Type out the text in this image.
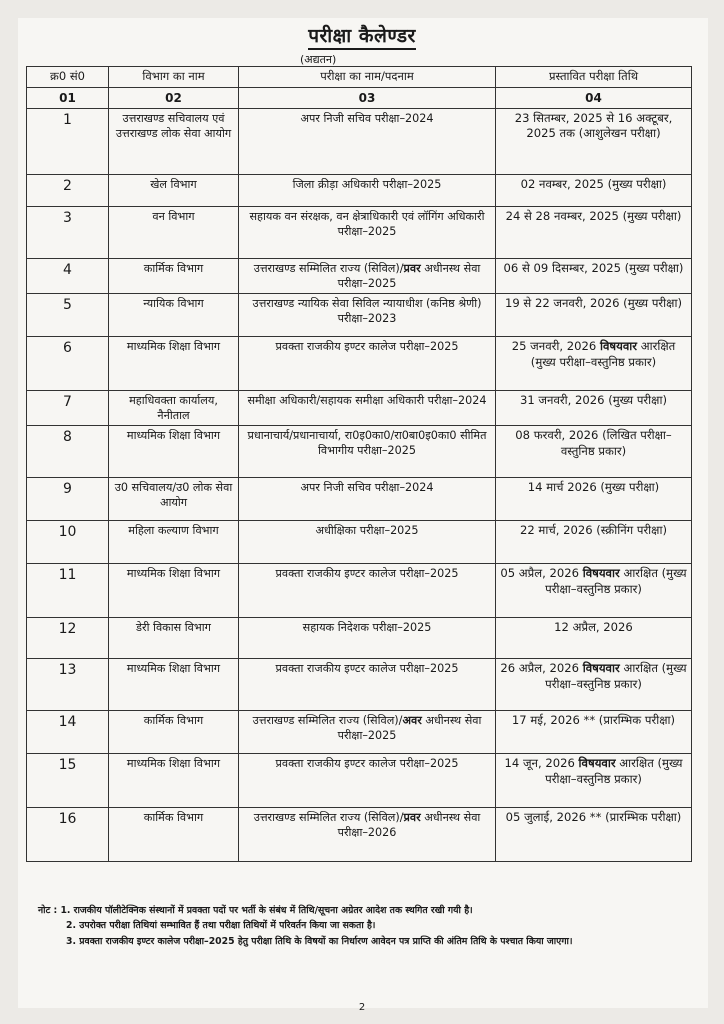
परीक्षा कैलेण्डर
(अद्यतन)
क्र0 सं0	विभाग का नाम	परीक्षा का नाम/पदनाम	प्रस्तावित परीक्षा तिथि
01	02	03	04
1	उत्तराखण्ड सचिवालय एवं उत्तराखण्ड लोक सेवा आयोग	अपर निजी सचिव परीक्षा–2024	23 सितम्बर, 2025 से 16 अक्टूबर, 2025 तक (आशुलेखन परीक्षा)
2	खेल विभाग	जिला क्रीड़ा अधिकारी परीक्षा–2025	02 नवम्बर, 2025 (मुख्य परीक्षा)
3	वन विभाग	सहायक वन संरक्षक, वन क्षेत्राधिकारी एवं लॉगिंग अधिकारी परीक्षा–2025	24 से 28 नवम्बर, 2025 (मुख्य परीक्षा)
4	कार्मिक विभाग	उत्तराखण्ड सम्मिलित राज्य (सिविल)/प्रवर अधीनस्थ सेवा परीक्षा–2025	06 से 09 दिसम्बर, 2025 (मुख्य परीक्षा)
5	न्यायिक विभाग	उत्तराखण्ड न्यायिक सेवा सिविल न्यायाधीश (कनिष्ठ श्रेणी) परीक्षा–2023	19 से 22 जनवरी, 2026 (मुख्य परीक्षा)
6	माध्यमिक शिक्षा विभाग	प्रवक्ता राजकीय इण्टर कालेज परीक्षा–2025	25 जनवरी, 2026 विषयवार आरक्षित (मुख्य परीक्षा–वस्तुनिष्ठ प्रकार)
7	महाधिवक्ता कार्यालय, नैनीताल	समीक्षा अधिकारी/सहायक समीक्षा अधिकारी परीक्षा–2024	31 जनवरी, 2026 (मुख्य परीक्षा)
8	माध्यमिक शिक्षा विभाग	प्रधानाचार्य/प्रधानाचार्या, रा0इ0का0/रा0बा0इ0का0 सीमित विभागीय परीक्षा–2025	08 फरवरी, 2026 (लिखित परीक्षा–वस्तुनिष्ठ प्रकार)
9	उ0 सचिवालय/उ0 लोक सेवा आयोग	अपर निजी सचिव परीक्षा–2024	14 मार्च 2026 (मुख्य परीक्षा)
10	महिला कल्याण विभाग	अधीक्षिका परीक्षा–2025	22 मार्च, 2026 (स्क्रीनिंग परीक्षा)
11	माध्यमिक शिक्षा विभाग	प्रवक्ता राजकीय इण्टर कालेज परीक्षा–2025	05 अप्रैल, 2026 विषयवार आरक्षित (मुख्य परीक्षा–वस्तुनिष्ठ प्रकार)
12	डेरी विकास विभाग	सहायक निदेशक परीक्षा–2025	12 अप्रैल, 2026
13	माध्यमिक शिक्षा विभाग	प्रवक्ता राजकीय इण्टर कालेज परीक्षा–2025	26 अप्रैल, 2026 विषयवार आरक्षित (मुख्य परीक्षा–वस्तुनिष्ठ प्रकार)
14	कार्मिक विभाग	उत्तराखण्ड सम्मिलित राज्य (सिविल)/अवर अधीनस्थ सेवा परीक्षा–2025	17 मई, 2026 ** (प्रारम्भिक परीक्षा)
15	माध्यमिक शिक्षा विभाग	प्रवक्ता राजकीय इण्टर कालेज परीक्षा–2025	14 जून, 2026 विषयवार आरक्षित (मुख्य परीक्षा–वस्तुनिष्ठ प्रकार)
16	कार्मिक विभाग	उत्तराखण्ड सम्मिलित राज्य (सिविल)/प्रवर अधीनस्थ सेवा परीक्षा–2026	05 जुलाई, 2026 ** (प्रारम्भिक परीक्षा)
नोट : 1. राजकीय पॉलीटेक्निक संस्थानों में प्रवक्ता पदों पर भर्ती के संबंध में तिथि/सूचना अग्रेतर आदेश तक स्थगित रखी गयी है।
2. उपरोक्त परीक्षा तिथियां सम्भावित हैं तथा परीक्षा तिथियों में परिवर्तन किया जा सकता है।
3. प्रवक्ता राजकीय इण्टर कालेज परीक्षा–2025 हेतु परीक्षा तिथि के विषयों का निर्धारण आवेदन पत्र प्राप्ति की अंतिम तिथि के पश्चात किया जाएगा।
2
